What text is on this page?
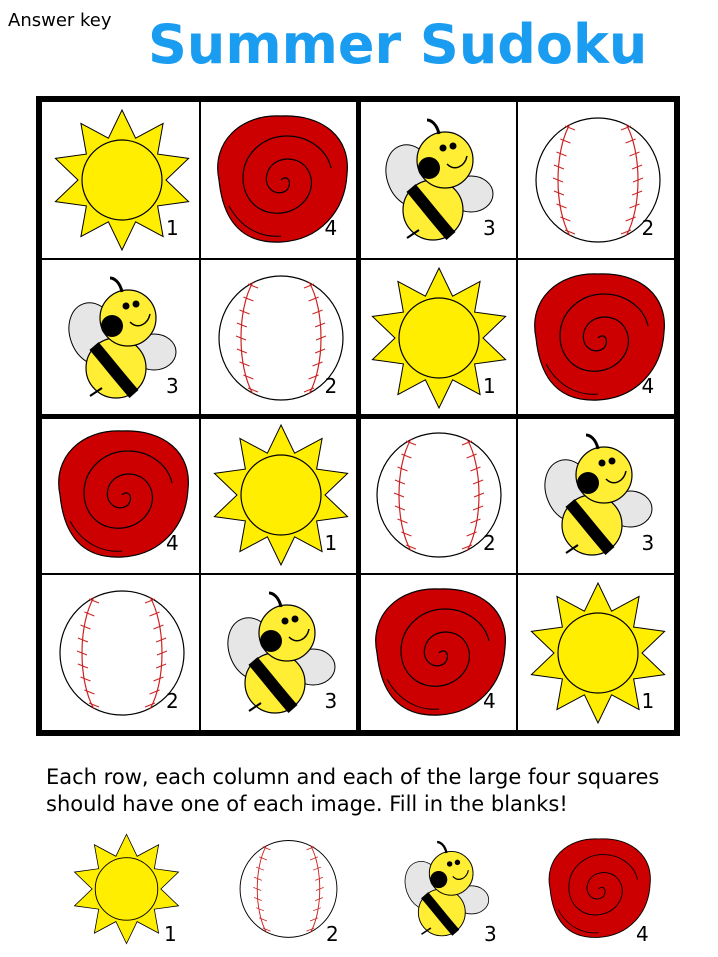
Answer key Summer Sudoku
1	4	3	2
3	2	1	4
4	1	2	3
2	3	4	1
Each row, each column and each of the large four squares should have one of each image. Fill in the blanks!
1	2	3	4
